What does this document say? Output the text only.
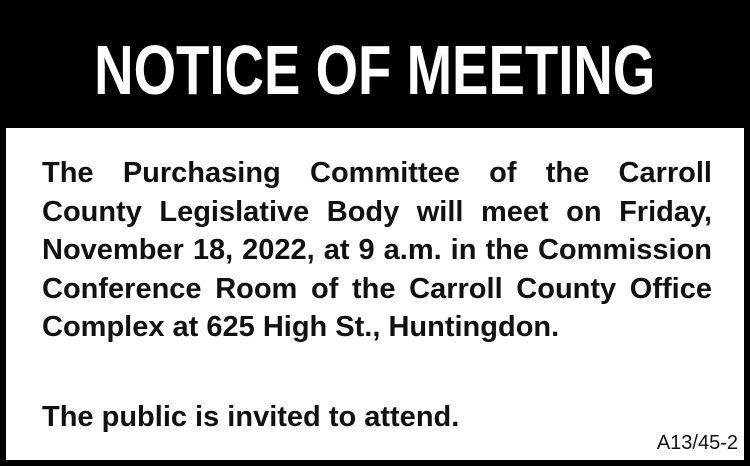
NOTICE OF MEETING

The Purchasing Committee of the Carroll County Legislative Body will meet on Friday, November 18, 2022, at 9 a.m. in the Commission Conference Room of the Carroll County Office Complex at 625 High St., Huntingdon.

The public is invited to attend.

A13/45-2
